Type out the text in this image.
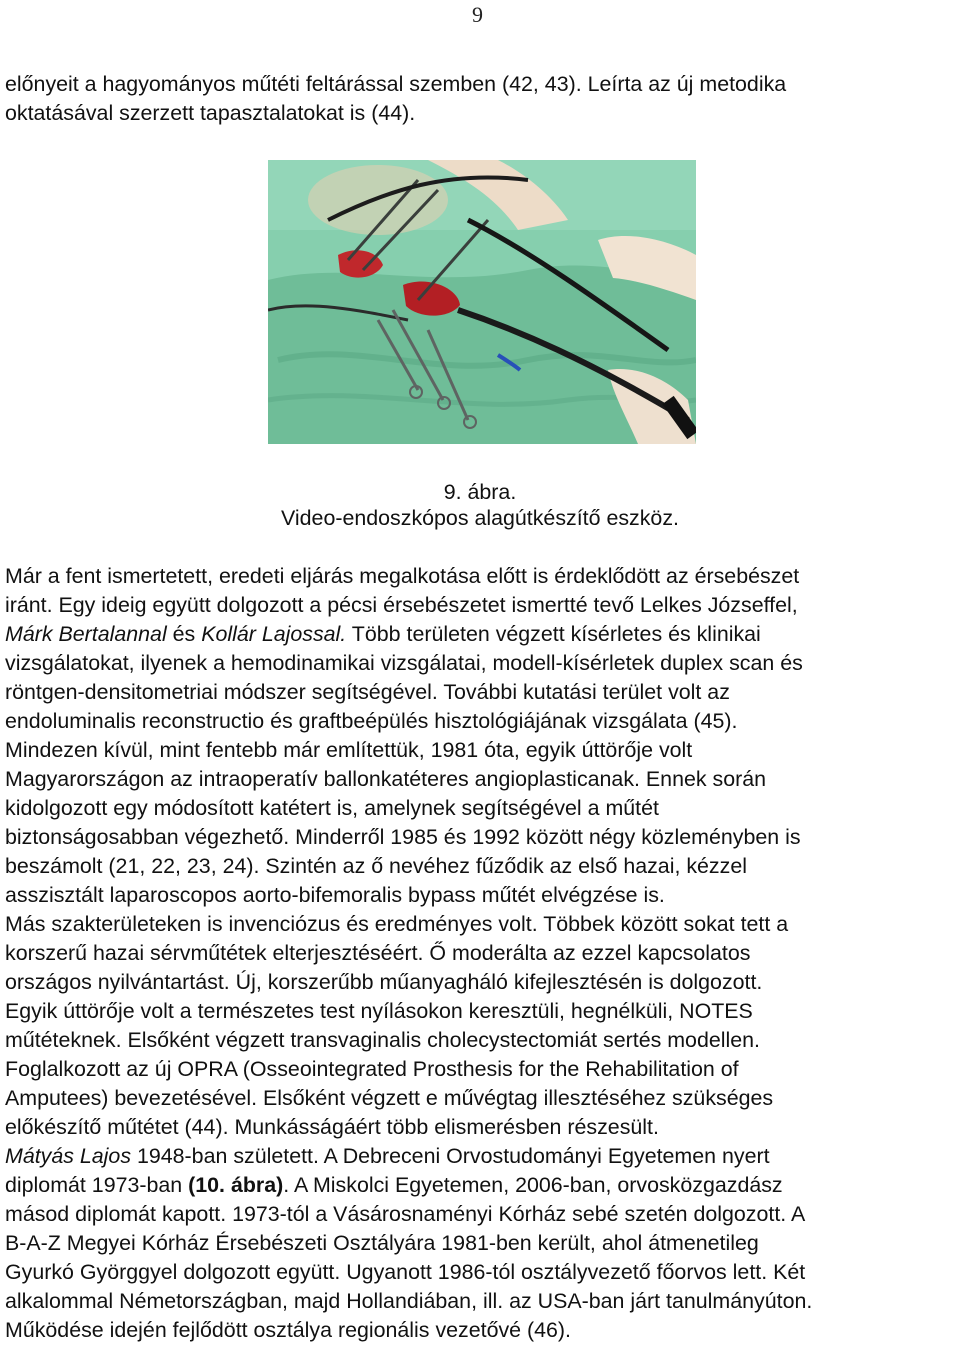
9

előnyeit a hagyományos műtéti feltárással szemben (42, 43). Leírta az új metodika
oktatásával szerzett tapasztalatokat is (44).

9. ábra.
Video-endoszkópos alagútkészítő eszköz.

Már a fent ismertetett, eredeti eljárás megalkotása előtt is érdeklődött az érsebészet
iránt. Egy ideig együtt dolgozott a pécsi érsebészetet ismertté tevő Lelkes Józseffel,
Márk Bertalannal és Kollár Lajossal. Több területen végzett kísérletes és klinikai
vizsgálatokat, ilyenek a hemodinamikai vizsgálatai, modell-kísérletek duplex scan és
röntgen-densitometriai módszer segítségével. További kutatási terület volt az
endoluminalis reconstructio és graftbeépülés hisztológiájának vizsgálata (45).
Mindezen kívül, mint fentebb már említettük, 1981 óta, egyik úttörője volt
Magyarországon az intraoperatív ballonkatéteres angioplasticanak. Ennek során
kidolgozott egy módosított katétert is, amelynek segítségével a műtét
biztonságosabban végezhető. Minderről 1985 és 1992 között négy közleményben is
beszámolt (21, 22, 23, 24). Szintén az ő nevéhez fűződik az első hazai, kézzel
asszisztált laparoscopos aorto-bifemoralis bypass műtét elvégzése is.
Más szakterületeken is invenciózus és eredményes volt. Többek között sokat tett a
korszerű hazai sérvműtétek elterjesztéséért. Ő moderálta az ezzel kapcsolatos
országos nyilvántartást. Új, korszerűbb műanyagháló kifejlesztésén is dolgozott.
Egyik úttörője volt a természetes test nyílásokon keresztüli, hegnélküli, NOTES
műtéteknek. Elsőként végzett transvaginalis cholecystectomiát sertés modellen.
Foglalkozott az új OPRA (Osseointegrated Prosthesis for the Rehabilitation of
Amputees) bevezetésével. Elsőként végzett e művégtag illesztéséhez szükséges
előkészítő műtétet (44). Munkásságáért több elismerésben részesült.
Mátyás Lajos 1948-ban született. A Debreceni Orvostudományi Egyetemen nyert
diplomát 1973-ban (10. ábra). A Miskolci Egyetemen, 2006-ban, orvosközgazdász
másod diplomát kapott. 1973-tól a Vásárosnaményi Kórház sebé szetén dolgozott. A
B-A-Z Megyei Kórház Érsebészeti Osztályára 1981-ben került, ahol átmenetileg
Gyurkó Györggyel dolgozott együtt. Ugyanott 1986-tól osztályvezető főorvos lett. Két
alkalommal Németországban, majd Hollandiában, ill. az USA-ban járt tanulmányúton.
Működése idején fejlődött osztálya regionális vezetővé (46).
